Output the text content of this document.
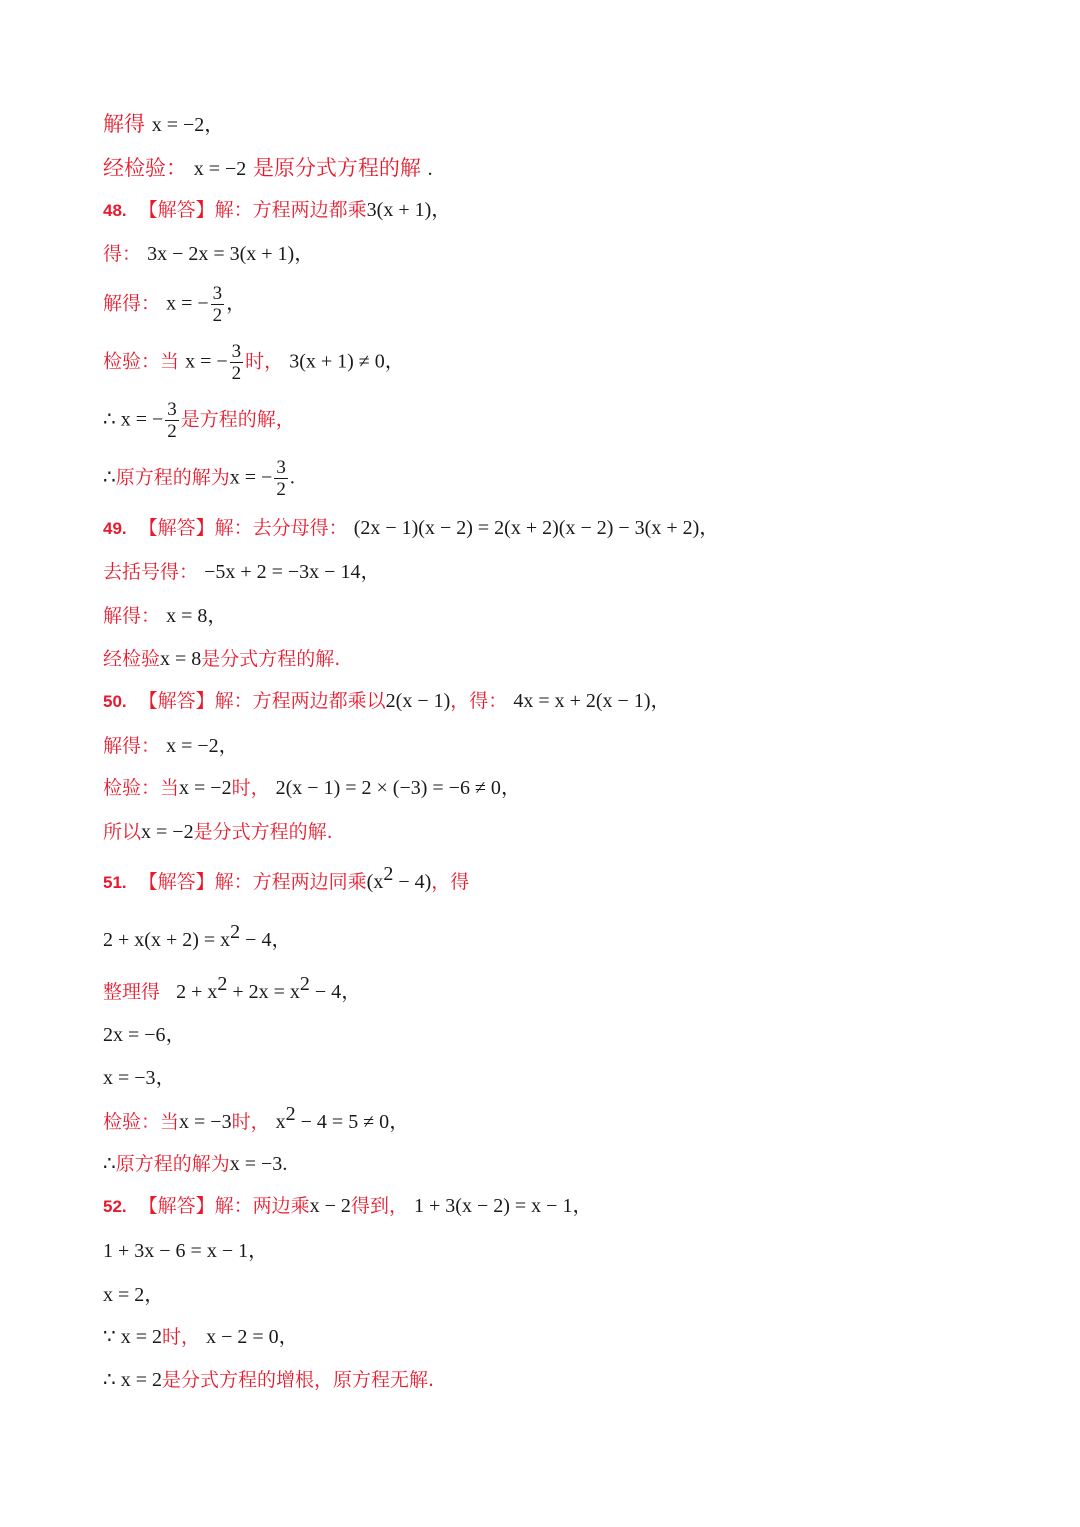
解得 x = −2，
经检验： x = −2 是原分式方程的解 .
48. 【解答】解：方程两边都乘3(x + 1)，
得： 3x − 2x = 3(x + 1)，
解得： x = − $\frac{3}{2}$ ，
检验：当 x = − $\frac{3}{2}$ 时， 3(x + 1) ≠ 0，
∴ x = − $\frac{3}{2}$ 是方程的解，
∴原方程的解为x = − $\frac{3}{2}$ .
49. 【解答】解：去分母得： (2x − 1)(x − 2) = 2(x + 2)(x − 2) − 3(x + 2)，
去括号得： −5x + 2 = −3x − 14，
解得： x = 8，
经检验x = 8是分式方程的解.
50. 【解答】解：方程两边都乘以2(x − 1)，得： 4x = x + 2(x − 1)，
解得： x = −2，
检验：当x = −2时， 2(x − 1) = 2 × (−3) = −6 ≠ 0，
所以x = −2是分式方程的解.
51. 【解答】解：方程两边同乘$(x^2 - 4)$，得
$2 + x(x + 2) = x^2 - 4$，
整理得 $2 + x^2 + 2x = x^2 - 4$，
2x = −6，
x = −3，
检验：当x = −3时， $x^2 - 4 = 5 \ne 0$，
∴原方程的解为x = −3.
52. 【解答】解：两边乘x − 2得到， 1 + 3(x − 2) = x − 1，
1 + 3x − 6 = x − 1，
x = 2，
∵ x = 2时， x − 2 = 0，
∴ x = 2是分式方程的增根，原方程无解.
